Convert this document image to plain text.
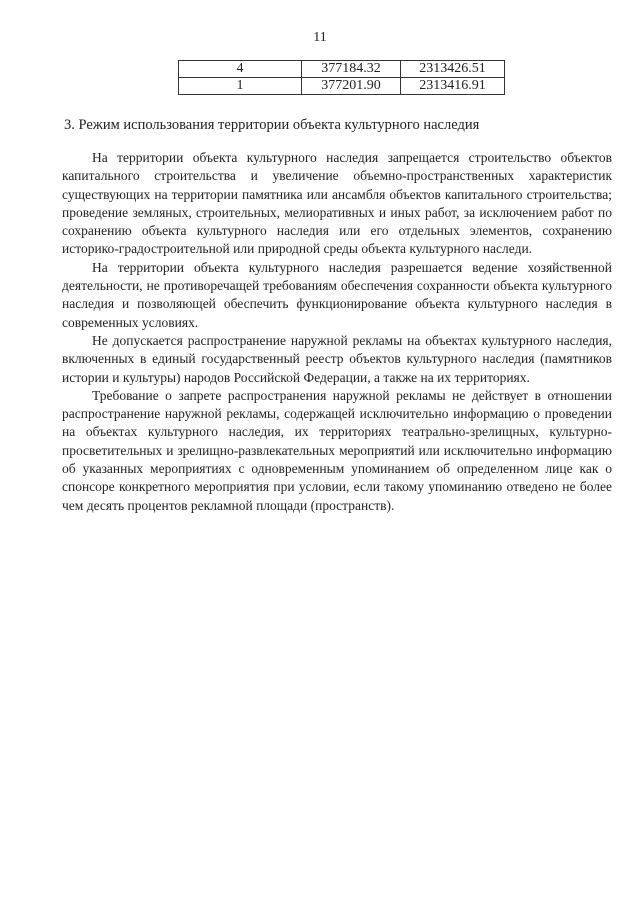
11
4	377184.32	2313426.51
1	377201.90	2313416.91
3. Режим использования территории объекта культурного наследия

На территории объекта культурного наследия запрещается строительство объектов капитального строительства и увеличение объемно-пространственных характеристик существующих на территории памятника или ансамбля объектов капитального строительства; проведение земляных, строительных, мелиоративных и иных работ, за исключением работ по сохранению объекта культурного наследия или его отдельных элементов, сохранению историко-градостроительной или природной среды объекта культурного наследи.

На территории объекта культурного наследия разрешается ведение хозяйственной деятельности, не противоречащей требованиям обеспечения сохранности объекта культурного наследия и позволяющей обеспечить функционирование объекта культурного наследия в современных условиях.

Не допускается распространение наружной рекламы на объектах культурного наследия, включенных в единый государственный реестр объектов культурного наследия (памятников истории и культуры) народов Российской Федерации, а также на их территориях.

Требование о запрете распространения наружной рекламы не действует в отношении распространение наружной рекламы, содержащей исключительно информацию о проведении на объектах культурного наследия, их территориях театрально-зрелищных, культурно-просветительных и зрелищно-развлекательных мероприятий или исключительно информацию об указанных мероприятиях с одновременным упоминанием об определенном лице как о спонсоре конкретного мероприятия при условии, если такому упоминанию отведено не более чем десять процентов рекламной площади (пространств).
